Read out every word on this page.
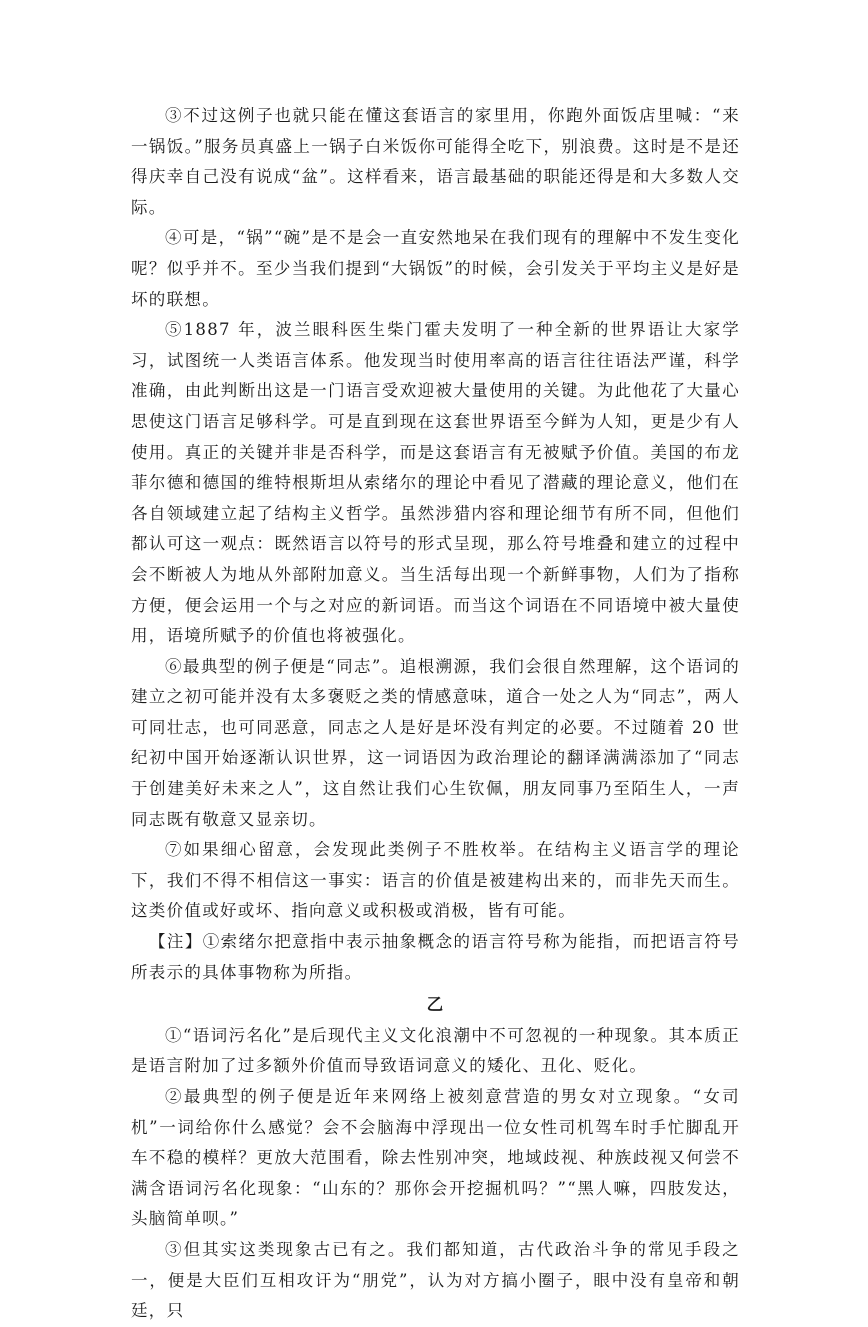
③不过这例子也就只能在懂这套语言的家里用，你跑外面饭店里喊：“来一锅饭。”服务员真盛上一锅子白米饭你可能得全吃下，别浪费。这时是不是还得庆幸自己没有说成“盆”。这样看来，语言最基础的职能还得是和大多数人交际。

④可是，“锅”“碗”是不是会一直安然地呆在我们现有的理解中不发生变化呢？似乎并不。至少当我们提到“大锅饭”的时候，会引发关于平均主义是好是坏的联想。

⑤1887 年，波兰眼科医生柴门霍夫发明了一种全新的世界语让大家学习，试图统一人类语言体系。他发现当时使用率高的语言往往语法严谨，科学准确，由此判断出这是一门语言受欢迎被大量使用的关键。为此他花了大量心思使这门语言足够科学。可是直到现在这套世界语至今鲜为人知，更是少有人使用。真正的关键并非是否科学，而是这套语言有无被赋予价值。美国的布龙菲尔德和德国的维特根斯坦从索绪尔的理论中看见了潜藏的理论意义，他们在各自领域建立起了结构主义哲学。虽然涉猎内容和理论细节有所不同，但他们都认可这一观点：既然语言以符号的形式呈现，那么符号堆叠和建立的过程中会不断被人为地从外部附加意义。当生活每出现一个新鲜事物，人们为了指称方便，便会运用一个与之对应的新词语。而当这个词语在不同语境中被大量使用，语境所赋予的价值也将被强化。

⑥最典型的例子便是“同志”。追根溯源，我们会很自然理解，这个语词的建立之初可能并没有太多褒贬之类的情感意味，道合一处之人为“同志”，两人可同壮志，也可同恶意，同志之人是好是坏没有判定的必要。不过随着 20 世纪初中国开始逐渐认识世界，这一词语因为政治理论的翻译满满添加了“同志于创建美好未来之人”，这自然让我们心生钦佩，朋友同事乃至陌生人，一声同志既有敬意又显亲切。

⑦如果细心留意，会发现此类例子不胜枚举。在结构主义语言学的理论下，我们不得不相信这一事实：语言的价值是被建构出来的，而非先天而生。这类价值或好或坏、指向意义或积极或消极，皆有可能。

【注】①索绪尔把意指中表示抽象概念的语言符号称为能指，而把语言符号所表示的具体事物称为所指。

乙

①“语词污名化”是后现代主义文化浪潮中不可忽视的一种现象。其本质正是语言附加了过多额外价值而导致语词意义的矮化、丑化、贬化。

②最典型的例子便是近年来网络上被刻意营造的男女对立现象。“女司机”一词给你什么感觉？会不会脑海中浮现出一位女性司机驾车时手忙脚乱开车不稳的模样？更放大范围看，除去性别冲突，地域歧视、种族歧视又何尝不满含语词污名化现象：“山东的？那你会开挖掘机吗？”“黑人嘛，四肢发达，头脑简单呗。”

③但其实这类现象古已有之。我们都知道，古代政治斗争的常见手段之一，便是大臣们互相攻讦为“朋党”，认为对方搞小圈子，眼中没有皇帝和朝廷，只
